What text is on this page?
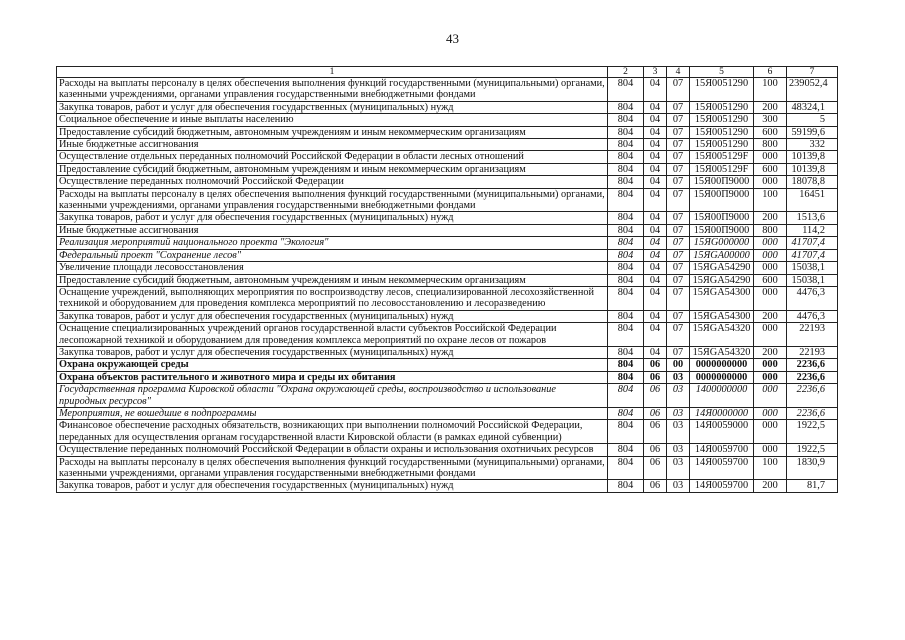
43
1	2	3	4	5	6	7
Расходы на выплаты персоналу в целях обеспечения выполнения функций государственными (муниципальными) органами, казенными учреждениями, органами управления государственными внебюджетными фондами	804	04	07	15Я0051290	100	239052,4
Закупка товаров, работ и услуг для обеспечения государственных (муниципальных) нужд	804	04	07	15Я0051290	200	48324,1
Социальное обеспечение и иные выплаты населению	804	04	07	15Я0051290	300	5
Предоставление субсидий бюджетным, автономным учреждениям и иным некоммерческим организациям	804	04	07	15Я0051290	600	59199,6
Иные бюджетные ассигнования	804	04	07	15Я0051290	800	332
Осуществление отдельных переданных полномочий Российской Федерации в области лесных отношений	804	04	07	15Я005129F	000	10139,8
Предоставление субсидий бюджетным, автономным учреждениям и иным некоммерческим организациям	804	04	07	15Я005129F	600	10139,8
Осуществление переданных полномочий Российской Федерации	804	04	07	15Я00П9000	000	18078,8
Расходы на выплаты персоналу в целях обеспечения выполнения функций государственными (муниципальными) органами, казенными учреждениями, органами управления государственными внебюджетными фондами	804	04	07	15Я00П9000	100	16451
Закупка товаров, работ и услуг для обеспечения государственных (муниципальных) нужд	804	04	07	15Я00П9000	200	1513,6
Иные бюджетные ассигнования	804	04	07	15Я00П9000	800	114,2
Реализация мероприятий национального проекта "Экология"	804	04	07	15ЯG000000	000	41707,4
Федеральный проект "Сохранение лесов"	804	04	07	15ЯGA00000	000	41707,4
Увеличение площади лесовосстановления	804	04	07	15ЯGA54290	000	15038,1
Предоставление субсидий бюджетным, автономным учреждениям и иным некоммерческим организациям	804	04	07	15ЯGA54290	600	15038,1
Оснащение учреждений, выполняющих мероприятия по воспроизводству лесов, специализированной лесохозяйственной техникой и оборудованием для проведения комплекса мероприятий по лесовосстановлению и лесоразведению	804	04	07	15ЯGA54300	000	4476,3
Закупка товаров, работ и услуг для обеспечения государственных (муниципальных) нужд	804	04	07	15ЯGA54300	200	4476,3
Оснащение специализированных учреждений органов государственной власти субъектов Российской Федерации лесопожарной техникой и оборудованием для проведения комплекса мероприятий по охране лесов от пожаров	804	04	07	15ЯGA54320	000	22193
Закупка товаров, работ и услуг для обеспечения государственных (муниципальных) нужд	804	04	07	15ЯGA54320	200	22193
Охрана окружающей среды	804	06	00	0000000000	000	2236,6
Охрана объектов растительного и животного мира и среды их обитания	804	06	03	0000000000	000	2236,6
Государственная программа Кировской области "Охрана окружающей среды, воспроизводство и использование природных ресурсов"	804	06	03	1400000000	000	2236,6
Мероприятия, не вошедшие в подпрограммы	804	06	03	14Я0000000	000	2236,6
Финансовое обеспечение расходных обязательств, возникающих при выполнении полномочий Российской Федерации, переданных для осуществления органам государственной власти Кировской области (в рамках единой субвенции)	804	06	03	14Я0059000	000	1922,5
Осуществление переданных полномочий Российской Федерации в области охраны и использования охотничьих ресурсов	804	06	03	14Я0059700	000	1922,5
Расходы на выплаты персоналу в целях обеспечения выполнения функций государственными (муниципальными) органами, казенными учреждениями, органами управления государственными внебюджетными фондами	804	06	03	14Я0059700	100	1830,9
Закупка товаров, работ и услуг для обеспечения государственных (муниципальных) нужд	804	06	03	14Я0059700	200	81,7
